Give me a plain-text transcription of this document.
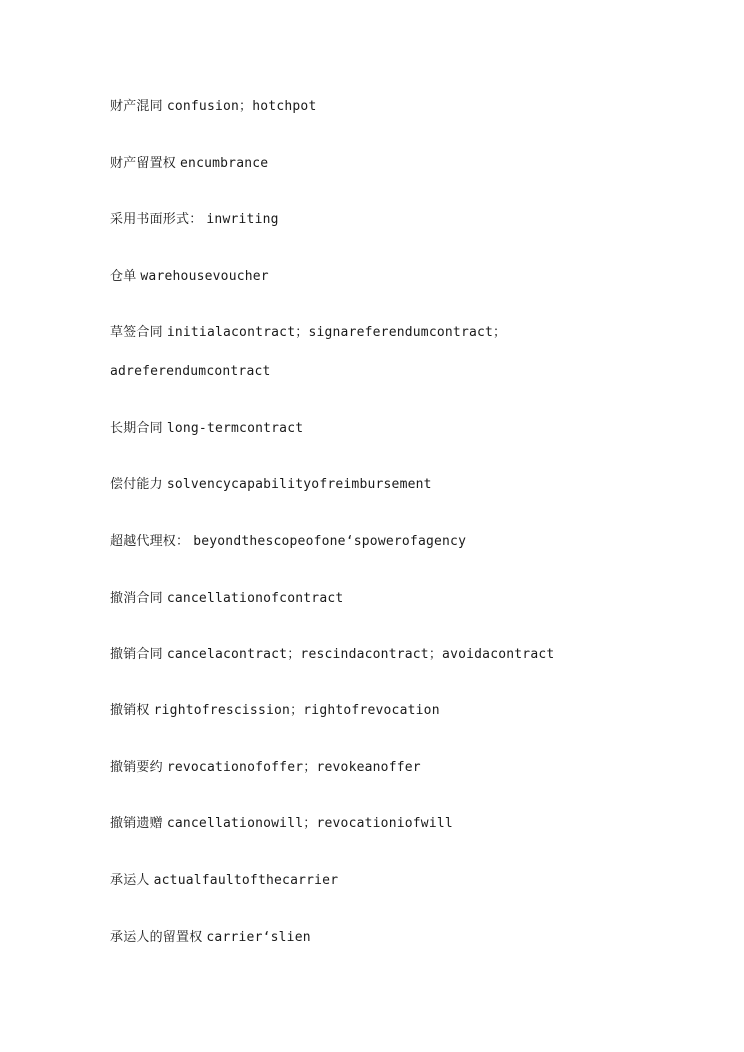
财产混同 confusion；hotchpot
财产留置权 encumbrance
采用书面形式： inwriting
仓单 warehousevoucher
草签合同 initialacontract；signareferendumcontract；
adreferendumcontract
长期合同 long-termcontract
偿付能力 solvencycapabilityofreimbursement
超越代理权： beyondthescopeofone‘spowerofagency
撤消合同 cancellationofcontract
撤销合同 cancelacontract；rescindacontract；avoidacontract
撤销权 rightofrescission；rightofrevocation
撤销要约 revocationofoffer；revokeanoffer
撤销遗赠 cancellationowill；revocationiofwill
承运人 actualfaultofthecarrier
承运人的留置权 carrier‘slien
